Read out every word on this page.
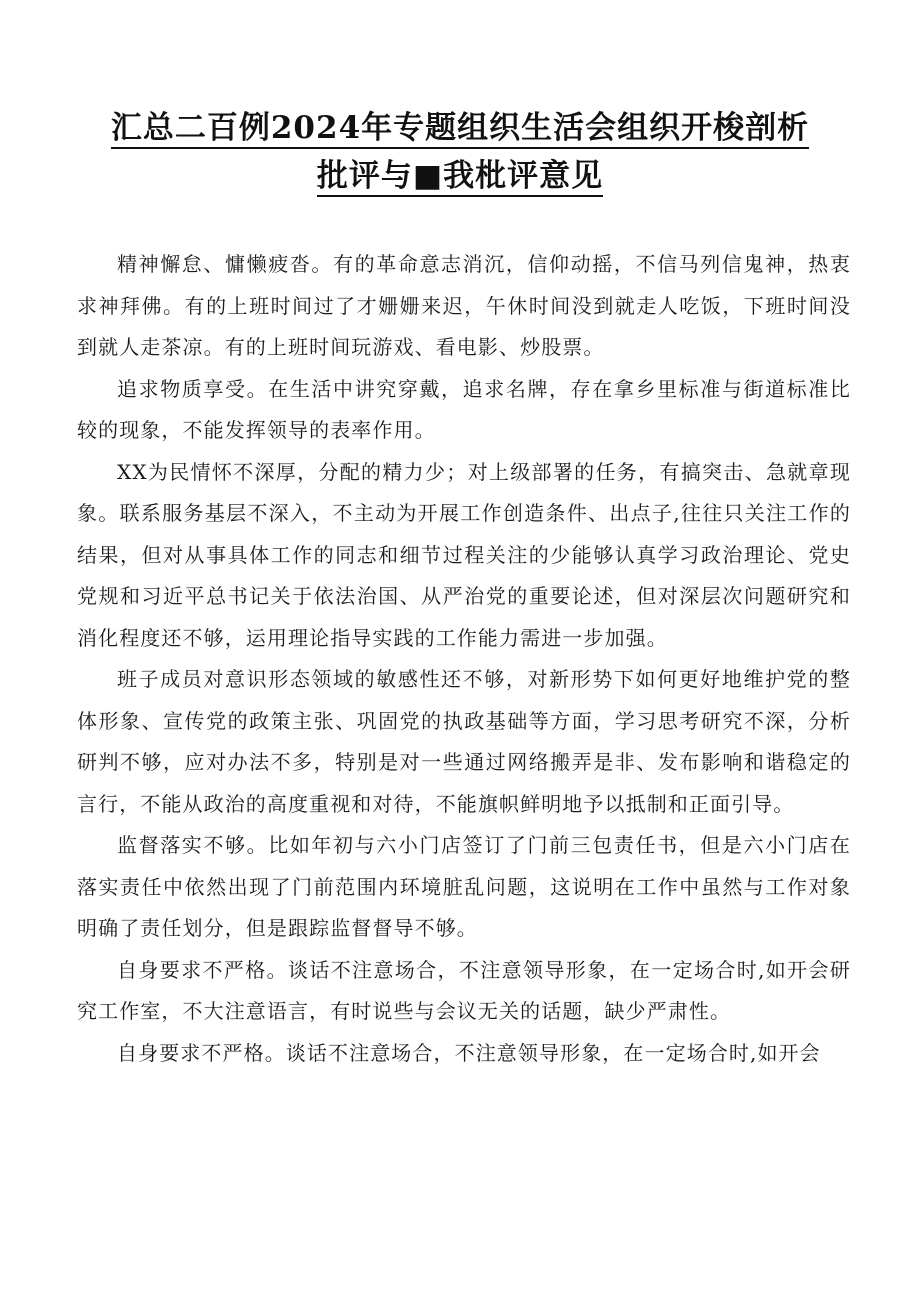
汇总二百例2024年专题组织生活会组织开梭剖析
批评与■我枇评意见

精神懈怠、慵懒疲沓。有的革命意志消沉，信仰动摇，不信马列信鬼神，热衷求神拜佛。有的上班时间过了才姗姗来迟，午休时间没到就走人吃饭，下班时间没到就人走茶凉。有的上班时间玩游戏、看电影、炒股票。

追求物质享受。在生活中讲究穿戴，追求名牌，存在拿乡里标准与街道标准比较的现象，不能发挥领导的表率作用。

XX为民情怀不深厚，分配的精力少；对上级部署的任务，有搞突击、急就章现象。联系服务基层不深入，不主动为开展工作创造条件、出点子,往往只关注工作的结果，但对从事具体工作的同志和细节过程关注的少能够认真学习政治理论、党史党规和习近平总书记关于依法治国、从严治党的重要论述，但对深层次问题研究和消化程度还不够，运用理论指导实践的工作能力需进一步加强。

班子成员对意识形态领域的敏感性还不够，对新形势下如何更好地维护党的整体形象、宣传党的政策主张、巩固党的执政基础等方面，学习思考研究不深，分析研判不够，应对办法不多，特别是对一些通过网络搬弄是非、发布影响和谐稳定的言行，不能从政治的高度重视和对待，不能旗帜鲜明地予以抵制和正面引导。

监督落实不够。比如年初与六小门店签订了门前三包责任书，但是六小门店在落实责任中依然出现了门前范围内环境脏乱问题，这说明在工作中虽然与工作对象明确了责任划分，但是跟踪监督督导不够。

自身要求不严格。谈话不注意场合，不注意领导形象，在一定场合时,如开会研究工作室，不大注意语言，有时说些与会议无关的话题，缺少严肃性。

自身要求不严格。谈话不注意场合，不注意领导形象，在一定场合时,如开会
